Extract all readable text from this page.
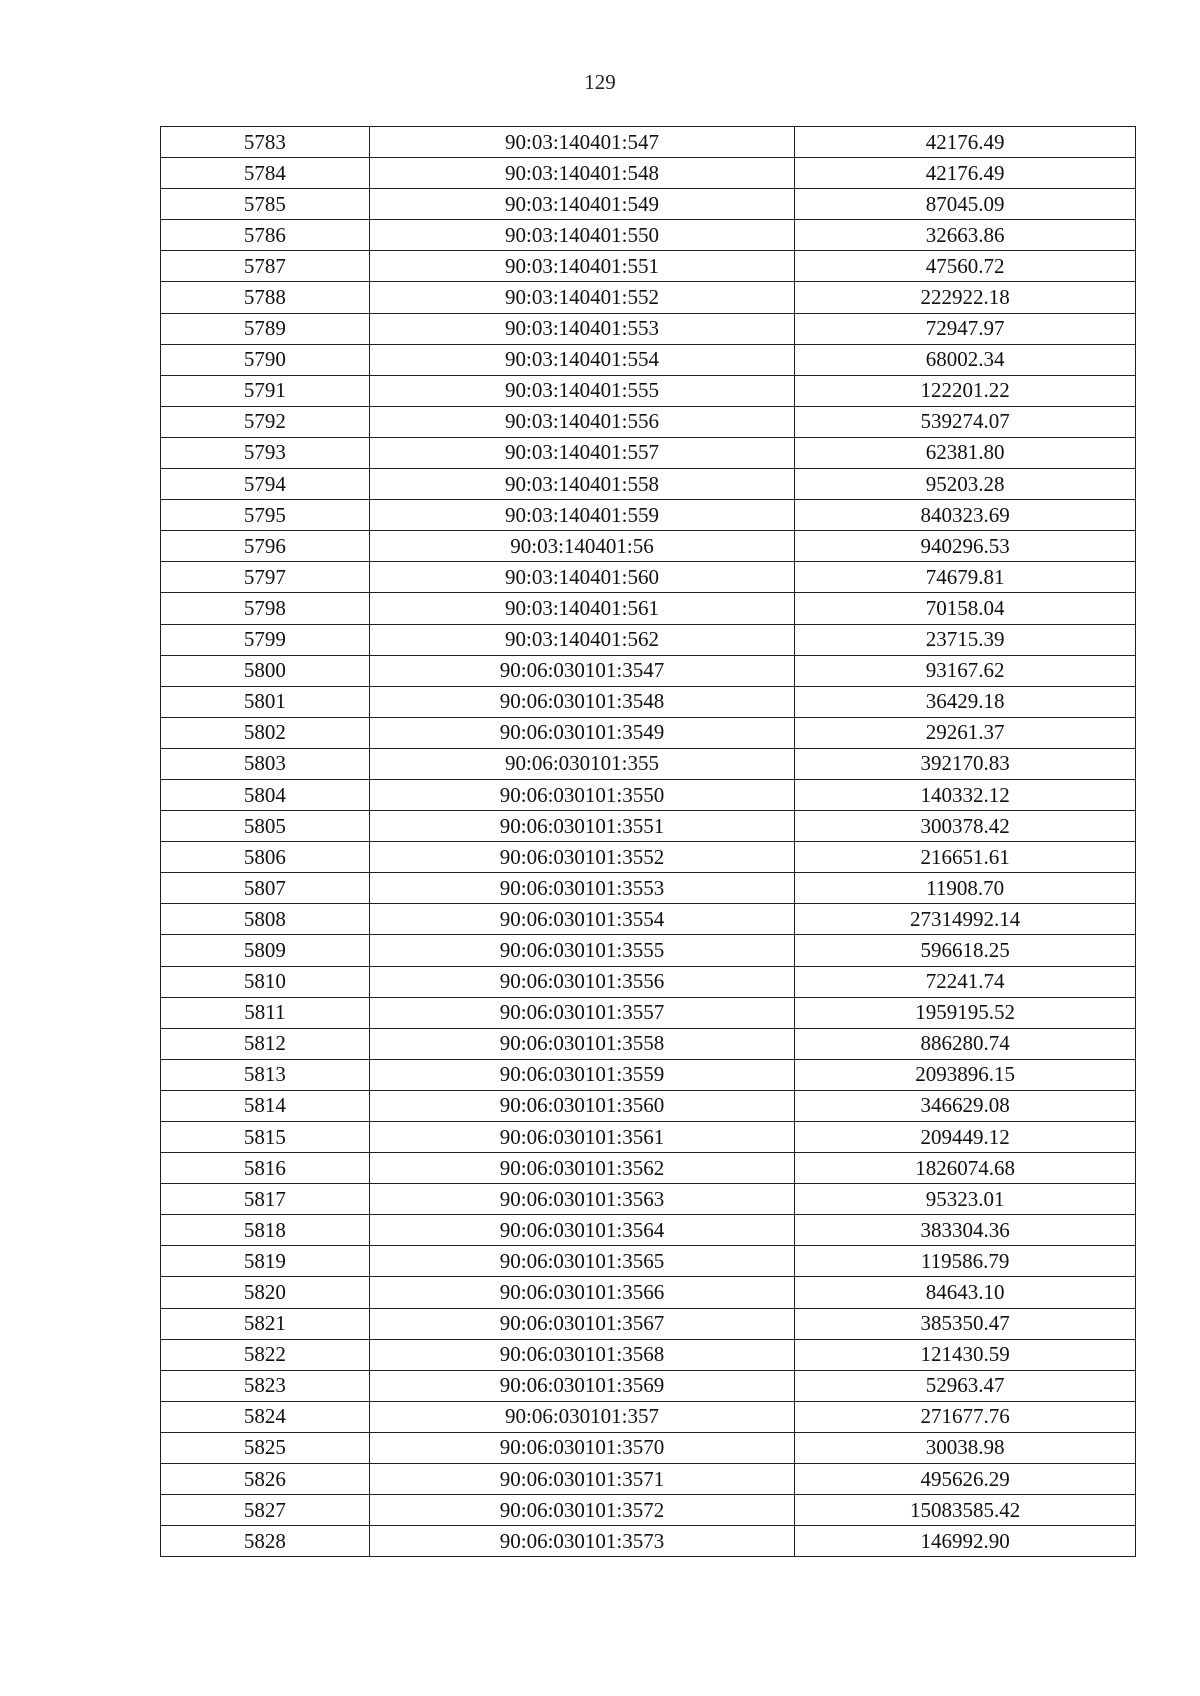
129
5783	90:03:140401:547	42176.49
5784	90:03:140401:548	42176.49
5785	90:03:140401:549	87045.09
5786	90:03:140401:550	32663.86
5787	90:03:140401:551	47560.72
5788	90:03:140401:552	222922.18
5789	90:03:140401:553	72947.97
5790	90:03:140401:554	68002.34
5791	90:03:140401:555	122201.22
5792	90:03:140401:556	539274.07
5793	90:03:140401:557	62381.80
5794	90:03:140401:558	95203.28
5795	90:03:140401:559	840323.69
5796	90:03:140401:56	940296.53
5797	90:03:140401:560	74679.81
5798	90:03:140401:561	70158.04
5799	90:03:140401:562	23715.39
5800	90:06:030101:3547	93167.62
5801	90:06:030101:3548	36429.18
5802	90:06:030101:3549	29261.37
5803	90:06:030101:355	392170.83
5804	90:06:030101:3550	140332.12
5805	90:06:030101:3551	300378.42
5806	90:06:030101:3552	216651.61
5807	90:06:030101:3553	11908.70
5808	90:06:030101:3554	27314992.14
5809	90:06:030101:3555	596618.25
5810	90:06:030101:3556	72241.74
5811	90:06:030101:3557	1959195.52
5812	90:06:030101:3558	886280.74
5813	90:06:030101:3559	2093896.15
5814	90:06:030101:3560	346629.08
5815	90:06:030101:3561	209449.12
5816	90:06:030101:3562	1826074.68
5817	90:06:030101:3563	95323.01
5818	90:06:030101:3564	383304.36
5819	90:06:030101:3565	119586.79
5820	90:06:030101:3566	84643.10
5821	90:06:030101:3567	385350.47
5822	90:06:030101:3568	121430.59
5823	90:06:030101:3569	52963.47
5824	90:06:030101:357	271677.76
5825	90:06:030101:3570	30038.98
5826	90:06:030101:3571	495626.29
5827	90:06:030101:3572	15083585.42
5828	90:06:030101:3573	146992.90
